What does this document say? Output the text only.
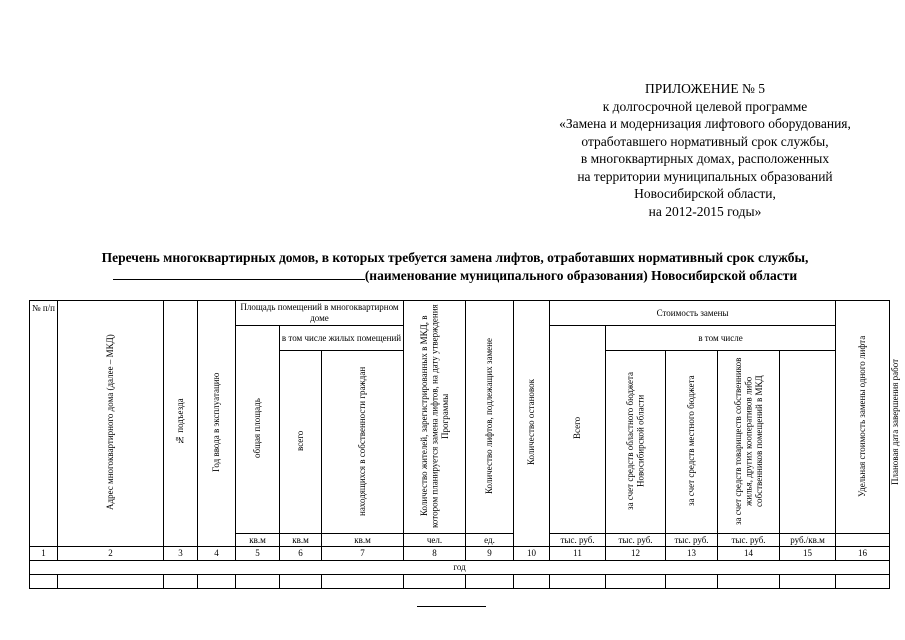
ПРИЛОЖЕНИЕ № 5
к долгосрочной целевой программе
«Замена и модернизация лифтового оборудования,
отработавшего нормативный срок службы,
в многоквартирных домах, расположенных
на территории муниципальных образований
Новосибирской области,
на 2012-2015 годы»
Перечень многоквартирных домов, в которых требуется замена лифтов, отработавших нормативный срок службы,
(наименование муниципального образования) Новосибирской области
№ п/п	Адрес многоквартирного дома (далее – МКД)	№ подъезда	Год ввода в эксплуатацию	Площадь помещений в многоквартирном доме			Количество жителей, зарегистрированных в МКД, в котором планируется замена лифтов, на дату утверждения Программы	Количество лифтов, подлежащих замене	Количество остановок	Стоимость замены					Удельная стоимость замены одного лифта	Плановая дата завершения работ
				общая площадь	в том числе жилых помещений					Всего	в том числе					
					всего	находящихся в собственности граждан					за счет средств областного бюджета Новосибирской области	за счет средств местного бюджета	за счет средств товариществ собственников жилья, других кооперативов либо собственников помещений в МКД			
				кв.м	кв.м	кв.м	чел.	ед.		тыс. руб.	тыс. руб.	тыс. руб.	тыс. руб.	руб./кв.м		
1	2	3	4	5	6	7	8	9	10	11	12	13	14	15	16	
год																
